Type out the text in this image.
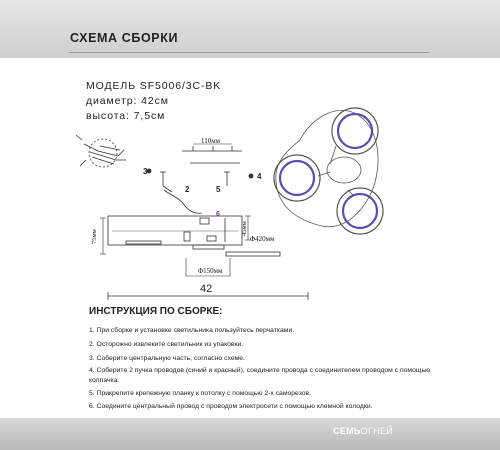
СХЕМА СБОРКИ
МОДЕЛЬ SF5006/3C-BK
диаметр: 42см
высота: 7,5см
110мм
3
2	5
6
4
75мм
45мм
Φ420мм
Φ150мм
42
ИНСТРУКЦИЯ ПО СБОРКЕ:
1. При сборке и установке светильника пользуйтесь перчатками.
2. Осторожно извлеките светильник из упаковки.
3. Соберите центральную часть, согласно схеме.
4. Соберите 2 пучка проводов (синий и красный), соедините провода с соединителем проводом с помощью колпачка.
5. Прикрепите крепежную планку к потолку с помощью 2-х саморезов.
6. Соедините центральный провод с проводом электросети с помощью клемной колодки.
СЕМЬОГНЕЙ
